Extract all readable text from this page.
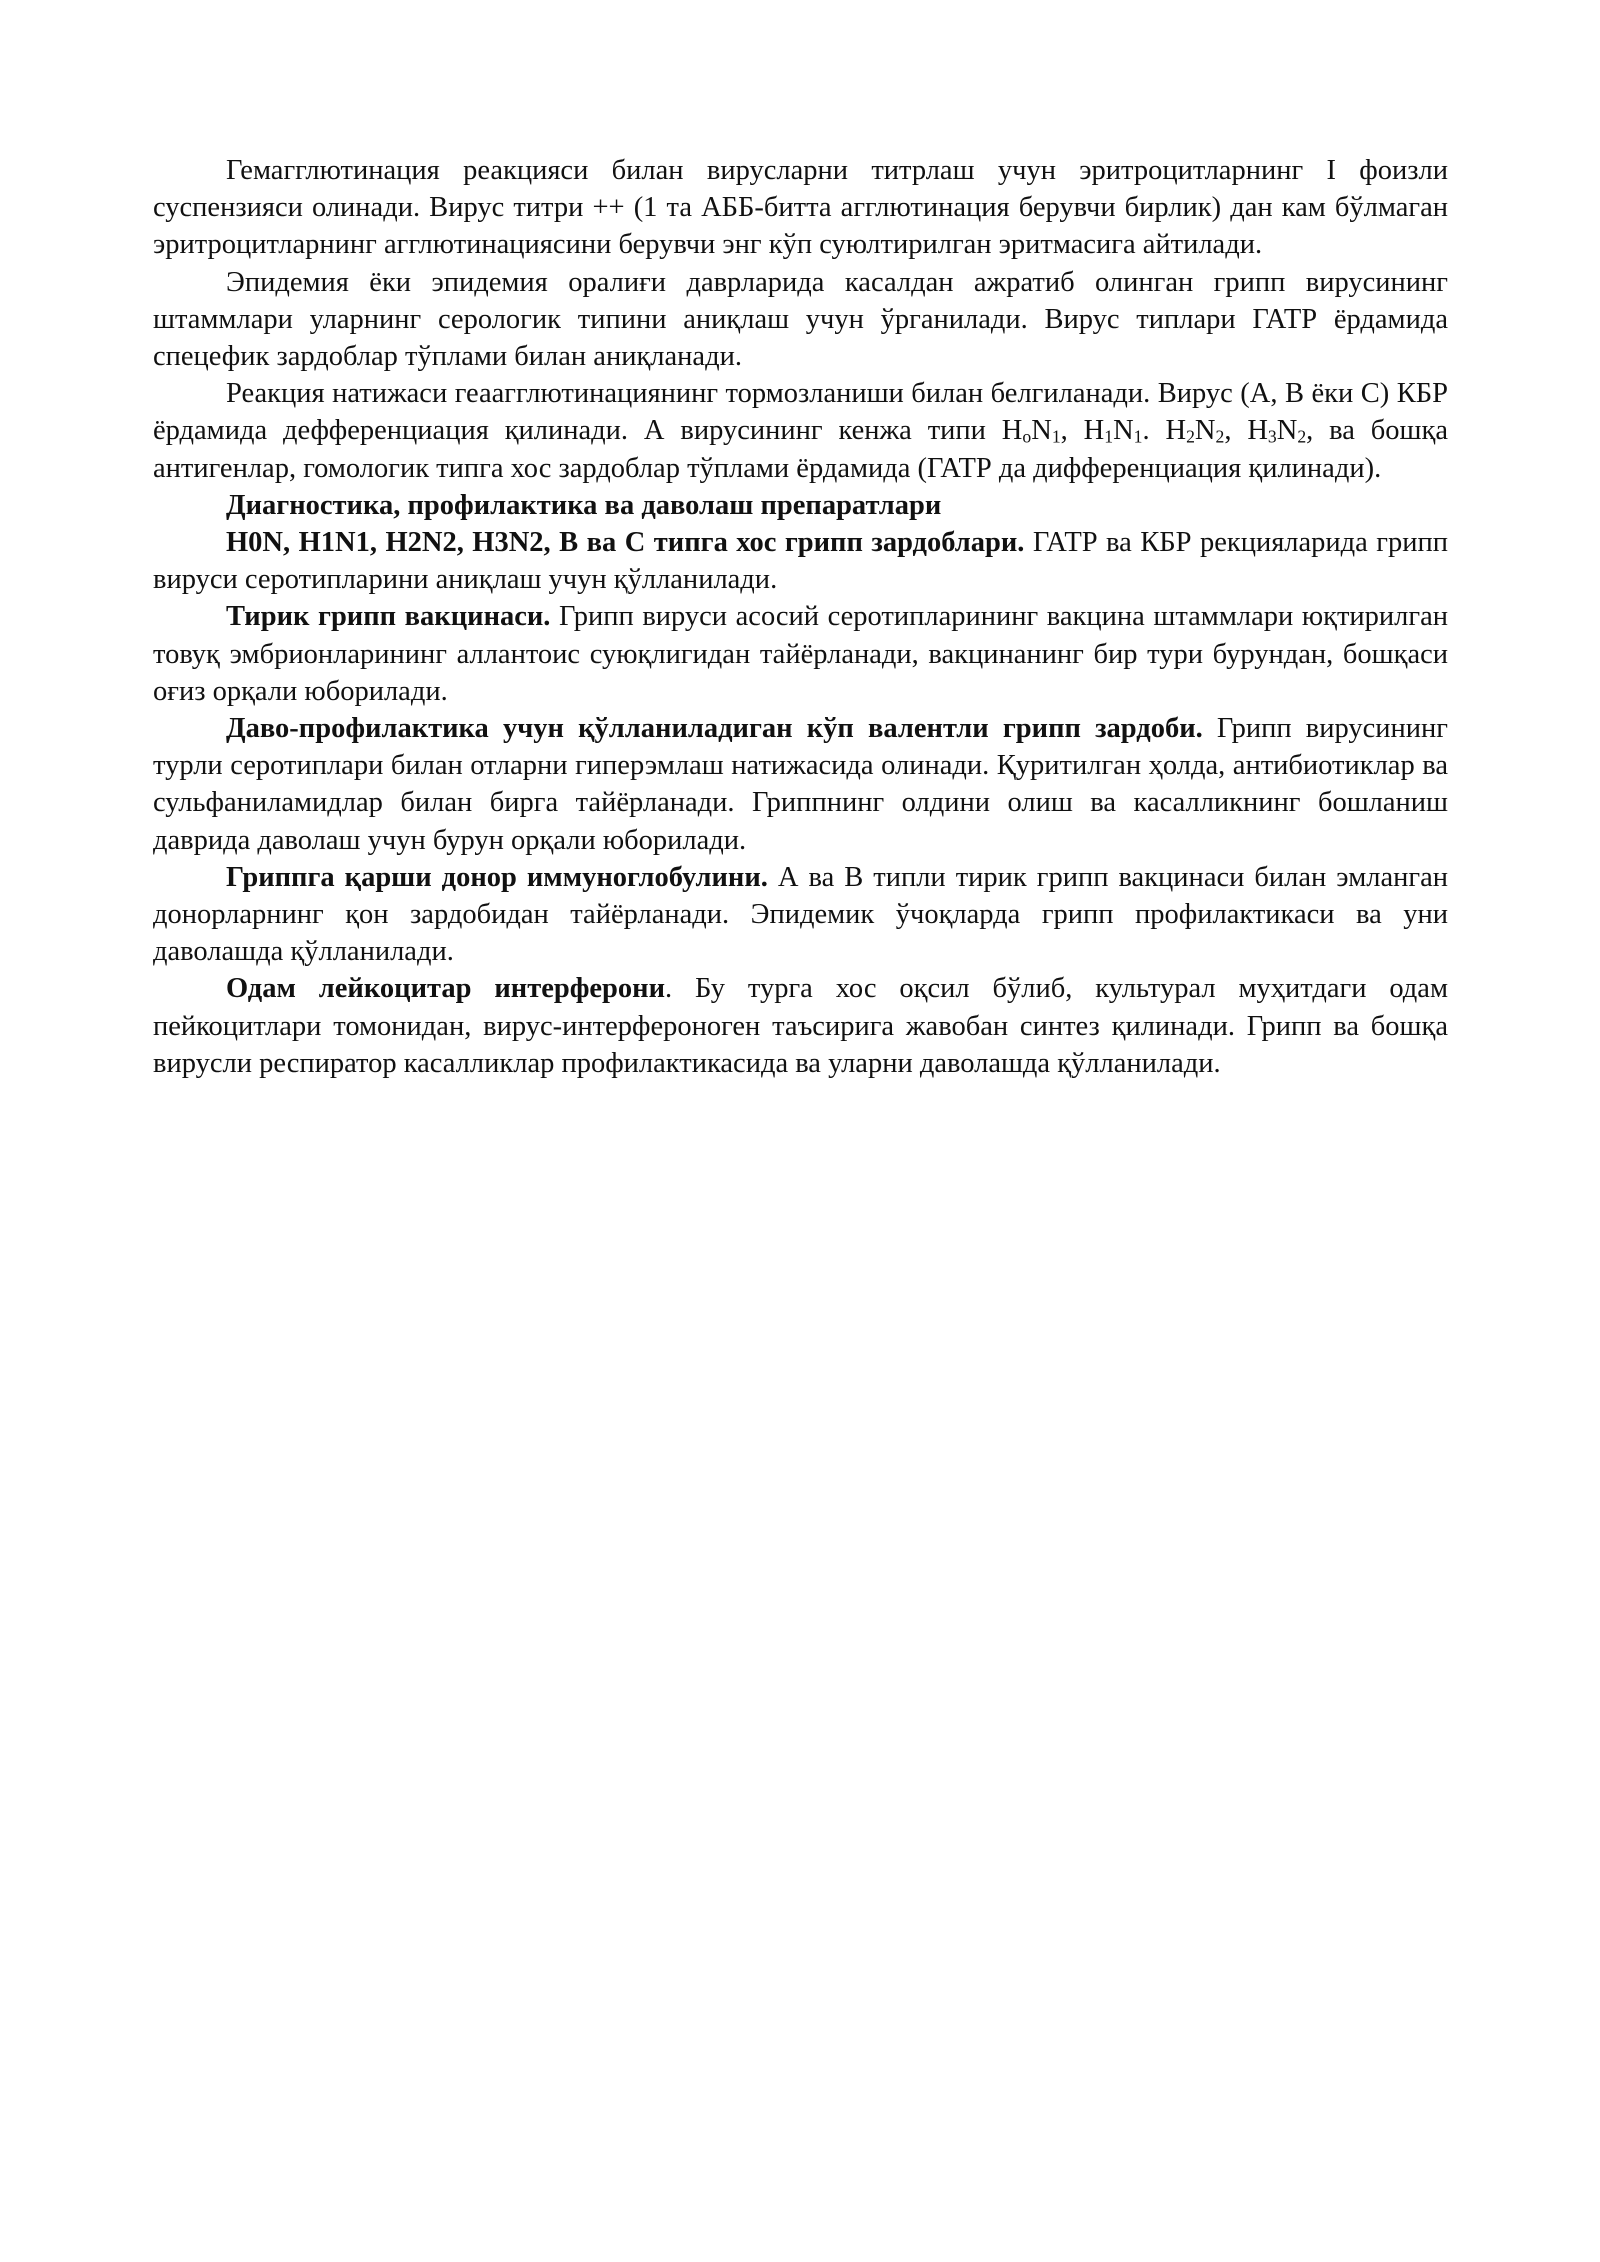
Гемагглютинация реакцияси билан вирусларни титрлаш учун эритроцитларнинг I фоизли суспензияси олинади. Вирус титри ++ (1 та АББ-битта агглютинация берувчи бирлик) дан кам бўлмаган эритроцитларнинг агглютинациясини берувчи энг кўп суюлтирилган эритмасига айтилади.

Эпидемия ёки эпидемия оралиғи даврларида касалдан ажратиб олинган грипп вирусининг штаммлари уларнинг серологик типини аниқлаш учун ўрганилади. Вирус типлари ГАТР ёрдамида спецефик зардоблар тўплами билан аниқланади.

Реакция натижаси геаагглютинациянинг тормозланиши билан белгиланади. Вирус (А, В ёки С) КБР ёрдамида дефференциация қилинади. А вирусининг кенжа типи $Н_oN_1$, $Н_1N_1$. $Н_2N_2$, $Н_3N_2$, ва бошқа антигенлар, гомологик типга хос зардоблар тўплами ёрдамида (ГАТР да дифференциация қилинади).

Диагностика, профилактика ва даволаш препаратлари

H0N, H1N1, H2N2, H3N2, В ва С типга хос грипп зардоблари. ГАТР ва КБР рекцияларида грипп вируси серотипларини аниқлаш учун қўлланилади.

Тирик грипп вакцинаси. Грипп вируси асосий серотипларининг вакцина штаммлари юқтирилган товуқ эмбрионларининг аллантоис суюқлигидан тайёрланади, вакцинанинг бир тури бурундан, бошқаси оғиз орқали юборилади.

Даво-профилактика учун қўлланиладиган кўп валентли грипп зардоби. Грипп вирусининг турли серотиплари билан отларни гиперэмлаш натижасида олинади. Қуритилган ҳолда, антибиотиклар ва сульфаниламидлар билан бирга тайёрланади. Гриппнинг олдини олиш ва касалликнинг бошланиш даврида даволаш учун бурун орқали юборилади.

Гриппга қарши донор иммуноглобулини. А ва В типли тирик грипп вакцинаси билан эмланган донорларнинг қон зардобидан тайёрланади. Эпидемик ўчоқларда грипп профилактикаси ва уни даволашда қўлланилади.

Одам лейкоцитар интерферони. Бу турга хос оқсил бўлиб, культурал муҳитдаги одам пейкоцитлари томонидан, вирус-интерфероноген таъсирига жавобан синтез қилинади. Грипп ва бошқа вирусли респиратор касалликлар профилактикасида ва уларни даволашда қўлланилади.
